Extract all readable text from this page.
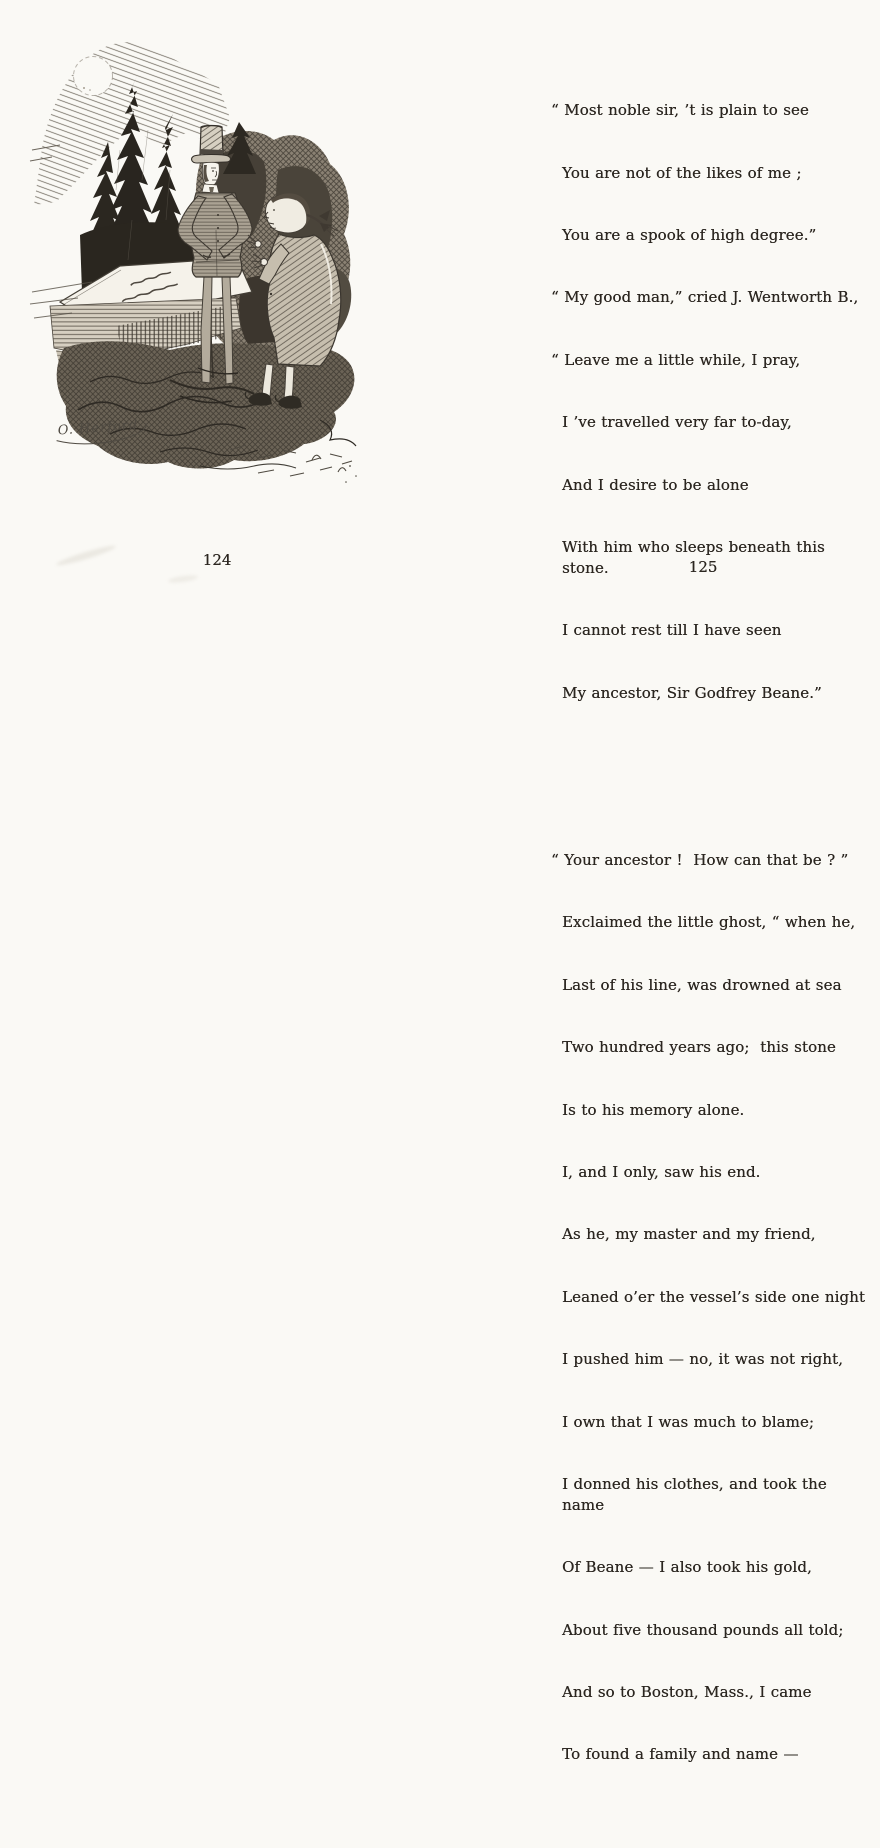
O. Herford
124

“ Most noble sir, ’t is plain to see

You are not of the likes of me ;

You are a spook of high degree.”

“ My good man,” cried J. Wentworth B.,

“ Leave me a little while, I pray,

I ’ve travelled very far to-day,

And I desire to be alone

With him who sleeps beneath this stone.

I cannot rest till I have seen

My ancestor, Sir Godfrey Beane.”

“ Your ancestor !  How can that be ? ”

Exclaimed the little ghost, “ when he,

Last of his line, was drowned at sea

Two hundred years ago;  this stone

Is to his memory alone.

I, and I only, saw his end.

As he, my master and my friend,

Leaned o’er the vessel’s side one night

I pushed him — no, it was not right,

I own that I was much to blame;

I donned his clothes, and took the name

Of Beane — I also took his gold,

About five thousand pounds all told;

And so to Boston, Mass., I came

To found a family and name —

125
